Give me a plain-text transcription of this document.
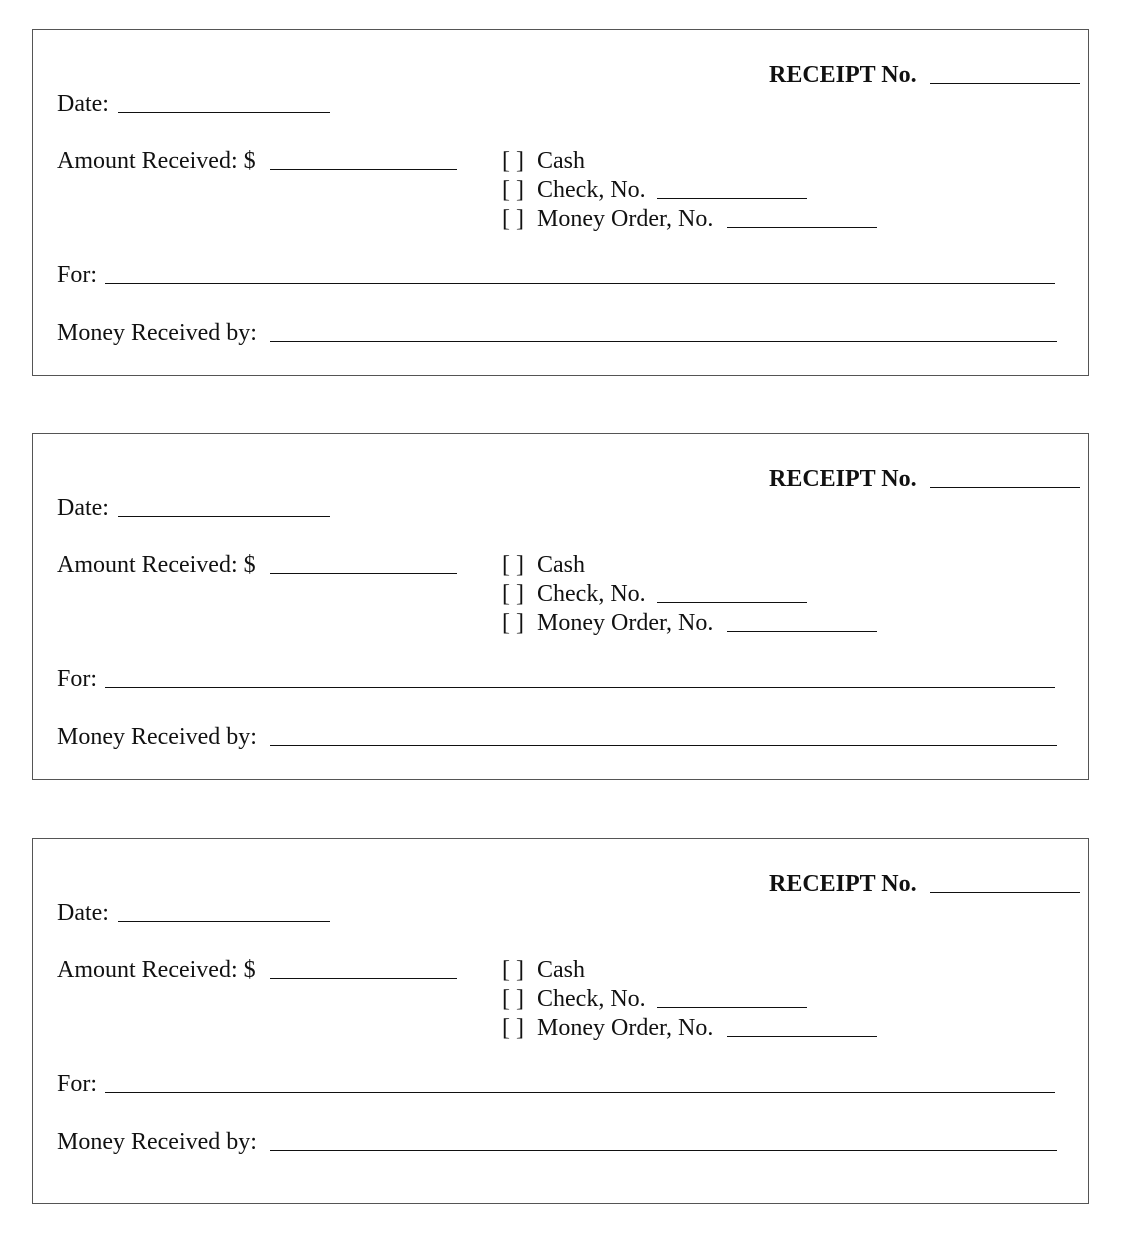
RECEIPT No.
Date:
Amount Received: $	[ ] Cash
[ ] Check, No.
[ ] Money Order, No.
For:
Money Received by:
RECEIPT No.
Date:
Amount Received: $	[ ] Cash
[ ] Check, No.
[ ] Money Order, No.
For:
Money Received by:
RECEIPT No.
Date:
Amount Received: $	[ ] Cash
[ ] Check, No.
[ ] Money Order, No.
For:
Money Received by:
